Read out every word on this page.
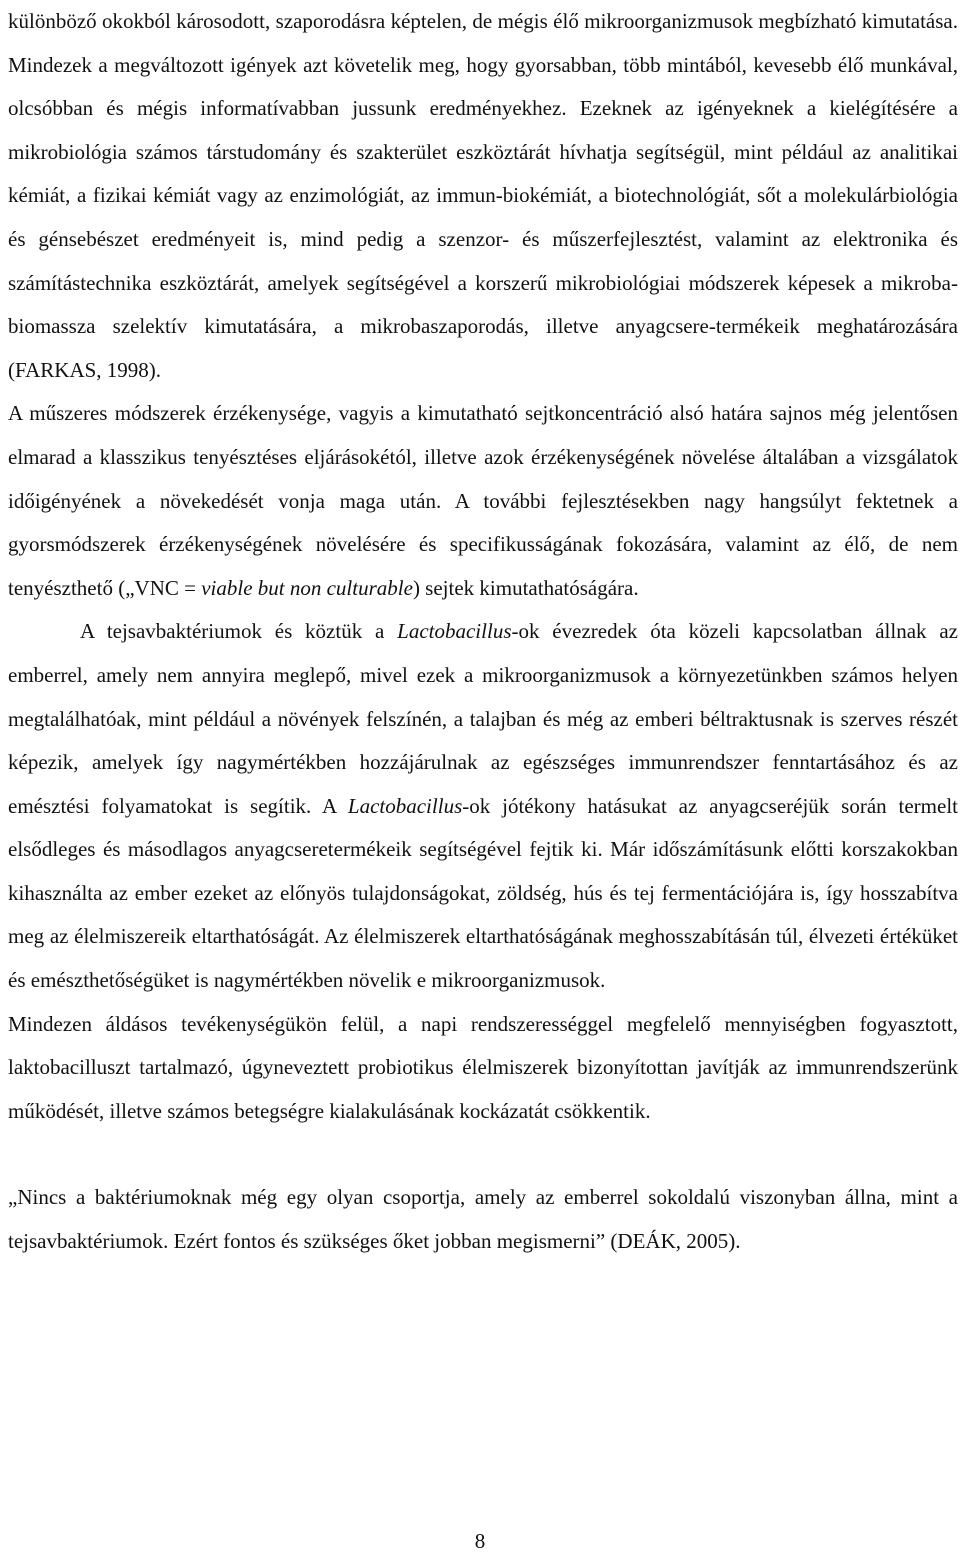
különböző okokból károsodott, szaporodásra képtelen, de mégis élő mikroorganizmusok megbízható kimutatása. Mindezek a megváltozott igények azt követelik meg, hogy gyorsabban, több mintából, kevesebb élő munkával, olcsóbban és mégis informatívabban jussunk eredményekhez. Ezeknek az igényeknek a kielégítésére a mikrobiológia számos társtudomány és szakterület eszköztárát hívhatja segítségül, mint például az analitikai kémiát, a fizikai kémiát vagy az enzimológiát, az immun-biokémiát, a biotechnológiát, sőt a molekulárbiológia és génsebészet eredményeit is, mind pedig a szenzor- és műszerfejlesztést, valamint az elektronika és számítástechnika eszköztárát, amelyek segítségével a korszerű mikrobiológiai módszerek képesek a mikroba-biomassza szelektív kimutatására, a mikrobaszaporodás, illetve anyagcsere-termékeik meghatározására (FARKAS, 1998).

A műszeres módszerek érzékenysége, vagyis a kimutatható sejtkoncentráció alsó határa sajnos még jelentősen elmarad a klasszikus tenyésztéses eljárásokétól, illetve azok érzékenységének növelése általában a vizsgálatok időigényének a növekedését vonja maga után. A további fejlesztésekben nagy hangsúlyt fektetnek a gyorsmódszerek érzékenységének növelésére és specifikusságának fokozására, valamint az élő, de nem tenyészthető („VNC = viable but non culturable) sejtek kimutathatóságára.

A tejsavbaktériumok és köztük a Lactobacillus-ok évezredek óta közeli kapcsolatban állnak az emberrel, amely nem annyira meglepő, mivel ezek a mikroorganizmusok a környezetünkben számos helyen megtalálhatóak, mint például a növények felszínén, a talajban és még az emberi béltraktusnak is szerves részét képezik, amelyek így nagymértékben hozzájárulnak az egészséges immunrendszer fenntartásához és az emésztési folyamatokat is segítik. A Lactobacillus-ok jótékony hatásukat az anyagcseréjük során termelt elsődleges és másodlagos anyagcseretermékeik segítségével fejtik ki. Már időszámításunk előtti korszakokban kihasználta az ember ezeket az előnyös tulajdonságokat, zöldség, hús és tej fermentációjára is, így hosszabítva meg az élelmiszereik eltarthatóságát. Az élelmiszerek eltarthatóságának meghosszabításán túl, élvezeti értéküket és emészthetőségüket is nagymértékben növelik e mikroorganizmusok.

Mindezen áldásos tevékenységükön felül, a napi rendszerességgel megfelelő mennyiségben fogyasztott, laktobacilluszt tartalmazó, úgyneveztett probiotikus élelmiszerek bizonyítottan javítják az immunrendszerünk működését, illetve számos betegségre kialakulásának kockázatát csökkentik.

„Nincs a baktériumoknak még egy olyan csoportja, amely az emberrel sokoldalú viszonyban állna, mint a tejsavbaktériumok. Ezért fontos és szükséges őket jobban megismerni” (DEÁK, 2005).

8
